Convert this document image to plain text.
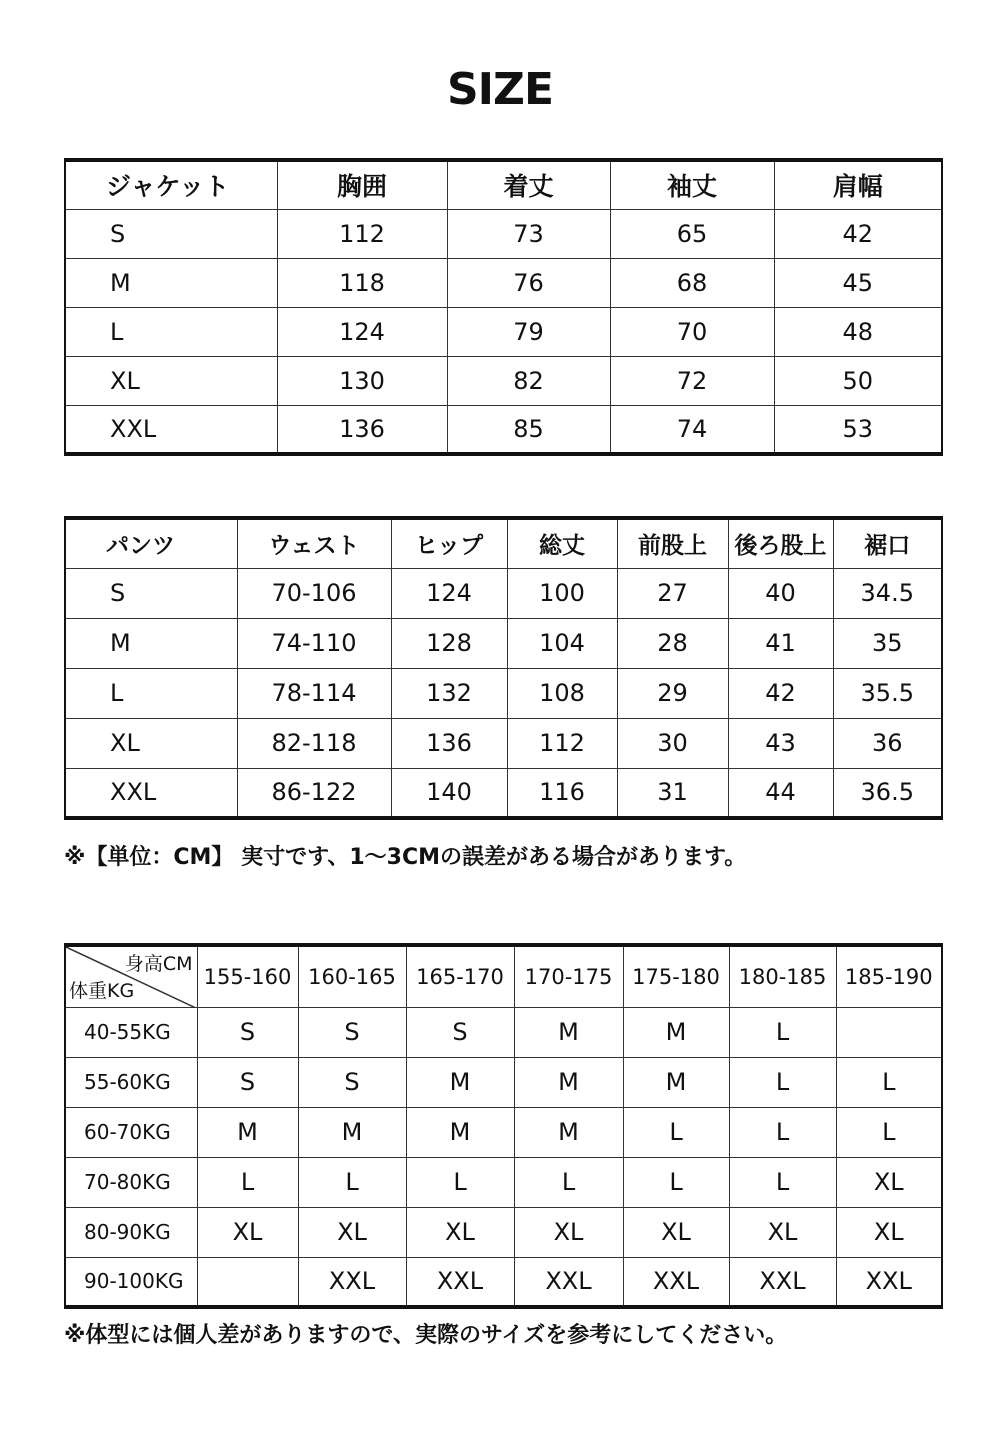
SIZE
ジャケット	胸囲	着丈	袖丈	肩幅
S	112	73	65	42
M	118	76	68	45
L	124	79	70	48
XL	130	82	72	50
XXL	136	85	74	53
パンツ	ウェスト	ヒップ	総丈	前股上	後ろ股上	裾口
S	70-106	124	100	27	40	34.5
M	74-110	128	104	28	41	35
L	78-114	132	108	29	42	35.5
XL	82-118	136	112	30	43	36
XXL	86-122	140	116	31	44	36.5
※【単位：CM】 実寸です、1～3CMの誤差がある場合があります。
身高CM
体重KG	155-160	160-165	165-170	170-175	175-180	180-185	185-190
40-55KG	S	S	S	M	M	L	
55-60KG	S	S	M	M	M	L	L
60-70KG	M	M	M	M	L	L	L
70-80KG	L	L	L	L	L	L	XL
80-90KG	XL	XL	XL	XL	XL	XL	XL
90-100KG		XXL	XXL	XXL	XXL	XXL	XXL
※体型には個人差がありますので、実際のサイズを参考にしてください。
